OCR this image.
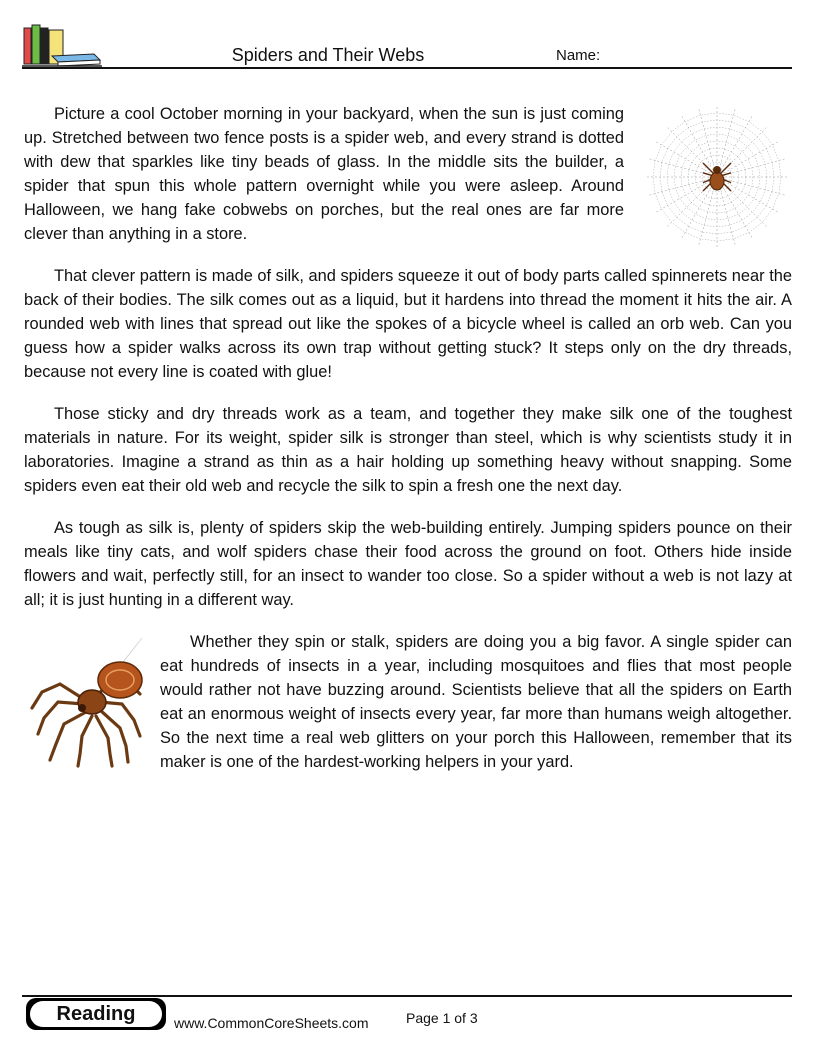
Spiders and Their Webs	Name:
Picture a cool October morning in your backyard, when the sun is just coming up. Stretched between two fence posts is a spider web, and every strand is dotted with dew that sparkles like tiny beads of glass. In the middle sits the builder, a spider that spun this whole pattern overnight while you were asleep. Around Halloween, we hang fake cobwebs on porches, but the real ones are far more clever than anything in a store.
That clever pattern is made of silk, and spiders squeeze it out of body parts called spinnerets near the back of their bodies. The silk comes out as a liquid, but it hardens into thread the moment it hits the air. A rounded web with lines that spread out like the spokes of a bicycle wheel is called an orb web. Can you guess how a spider walks across its own trap without getting stuck? It steps only on the dry threads, because not every line is coated with glue!
Those sticky and dry threads work as a team, and together they make silk one of the toughest materials in nature. For its weight, spider silk is stronger than steel, which is why scientists study it in laboratories. Imagine a strand as thin as a hair holding up something heavy without snapping. Some spiders even eat their old web and recycle the silk to spin a fresh one the next day.
As tough as silk is, plenty of spiders skip the web-building entirely. Jumping spiders pounce on their meals like tiny cats, and wolf spiders chase their food across the ground on foot. Others hide inside flowers and wait, perfectly still, for an insect to wander too close. So a spider without a web is not lazy at all; it is just hunting in a different way.
Whether they spin or stalk, spiders are doing you a big favor. A single spider can eat hundreds of insects in a year, including mosquitoes and flies that most people would rather not have buzzing around. Scientists believe that all the spiders on Earth eat an enormous weight of insects every year, far more than humans weigh altogether. So the next time a real web glitters on your porch this Halloween, remember that its maker is one of the hardest-working helpers in your yard.
Reading	www.CommonCoreSheets.com	Page 1 of 3
